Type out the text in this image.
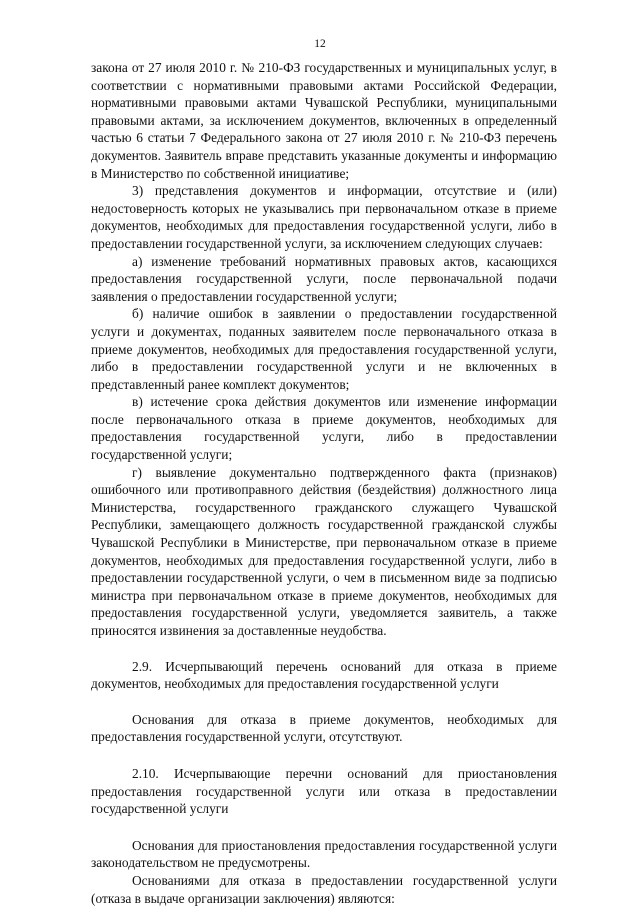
12

закона от 27 июля 2010 г. № 210-ФЗ государственных и муниципальных услуг, в соответствии с нормативными правовыми актами Российской Федерации, нормативными правовыми актами Чувашской Республики, муниципальными правовыми актами, за исключением документов, включенных в определенный частью 6 статьи 7 Федерального закона от 27 июля 2010 г. № 210-ФЗ перечень документов. Заявитель вправе представить указанные документы и информацию в Министерство по собственной инициативе;

3) представления документов и информации, отсутствие и (или) недостоверность которых не указывались при первоначальном отказе в приеме документов, необходимых для предоставления государственной услуги, либо в предоставлении государственной услуги, за исключением следующих случаев:

а) изменение требований нормативных правовых актов, касающихся предоставления государственной услуги, после первоначальной подачи заявления о предоставлении государственной услуги;

б) наличие ошибок в заявлении о предоставлении государственной услуги и документах, поданных заявителем после первоначального отказа в приеме документов, необходимых для предоставления государственной услуги, либо в предоставлении государственной услуги и не включенных в представленный ранее комплект документов;

в) истечение срока действия документов или изменение информации после первоначального отказа в приеме документов, необходимых для предоставления государственной услуги, либо в предоставлении государственной услуги;

г) выявление документально подтвержденного факта (признаков) ошибочного или противоправного действия (бездействия) должностного лица Министерства, государственного гражданского служащего Чувашской Республики, замещающего должность государственной гражданской службы Чувашской Республики в Министерстве, при первоначальном отказе в приеме документов, необходимых для предоставления государственной услуги, либо в предоставлении государственной услуги, о чем в письменном виде за подписью министра при первоначальном отказе в приеме документов, необходимых для предоставления государственной услуги, уведомляется заявитель, а также приносятся извинения за доставленные неудобства.

2.9. Исчерпывающий перечень оснований для отказа в приеме документов, необходимых для предоставления государственной услуги

Основания для отказа в приеме документов, необходимых для предоставления государственной услуги, отсутствуют.

2.10. Исчерпывающие перечни оснований для приостановления предоставления государственной услуги или отказа в предоставлении государственной услуги

Основания для приостановления предоставления государственной услуги законодательством не предусмотрены.

Основаниями для отказа в предоставлении государственной услуги (отказа в выдаче организации заключения) являются:
